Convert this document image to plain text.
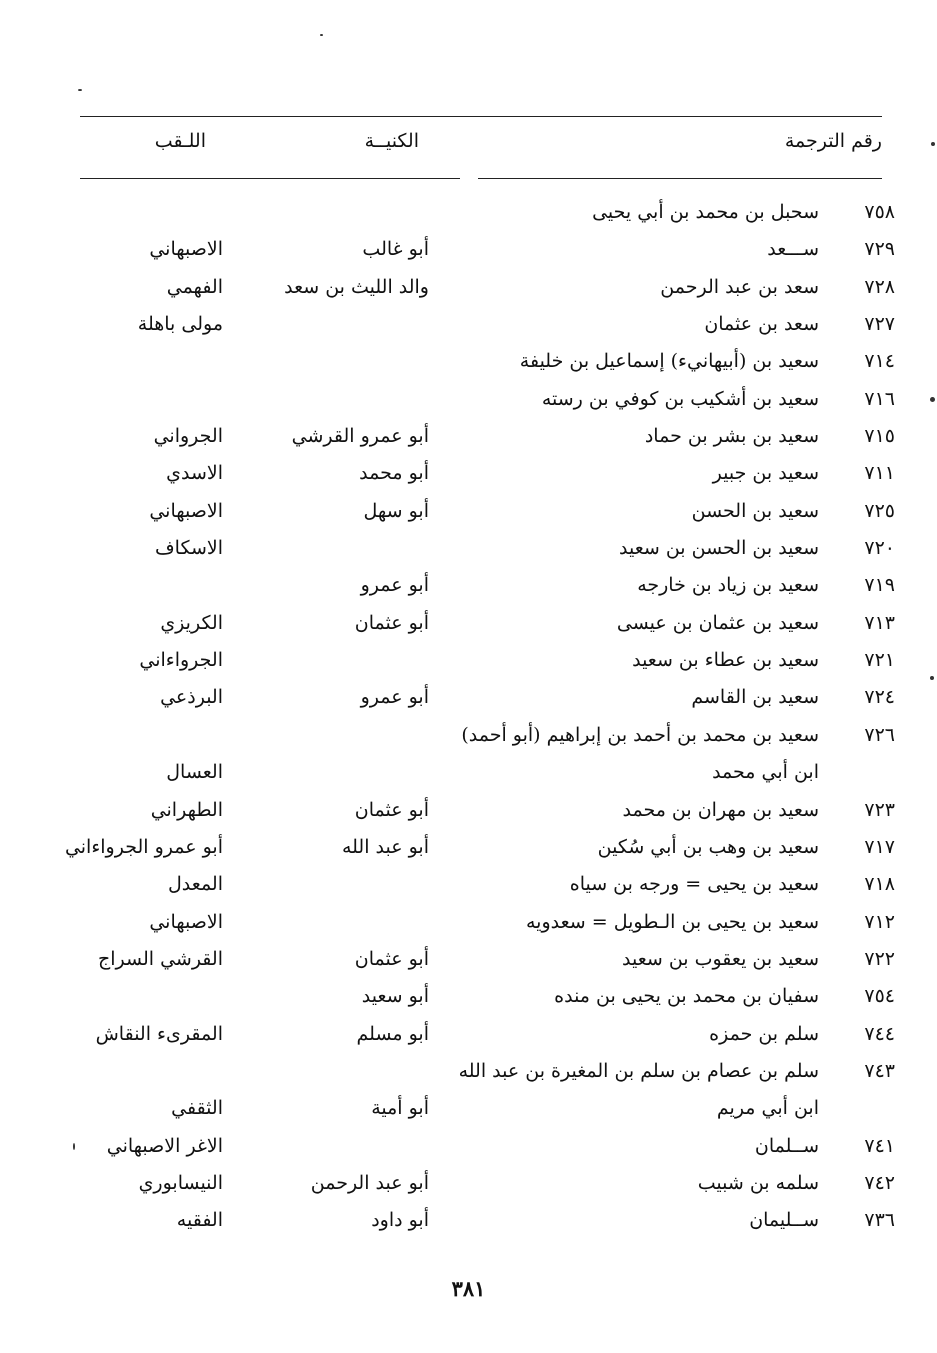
رقم الترجمة
الكنيــة
اللـقب
٧٥٨
سحبل بن محمد بن أبي يحيى
٧٢٩
ســـعد
أبو غالب
الاصبهاني
٧٢٨
سعد بن عبد الرحمن
والد الليث بن سعد
الفهمي
٧٢٧
سعد بن عثمان
مولى باهلة
٧١٤
سعيد بن (أبيهانيء) إسماعيل بن خليفة
٧١٦
سعيد بن أشكيب بن كوفي بن رسته
٧١٥
سعيد بن بشر بن حماد
أبو عمرو القرشي
الجرواني
٧١١
سعيد بن جبير
أبو محمد
الاسدي
٧٢٥
سعيد بن الحسن
أبو سهل
الاصبهاني
٧٢٠
سعيد بن الحسن بن سعيد
الاسكاف
٧١٩
سعيد بن زياد بن خارجه
أبو عمرو
٧١٣
سعيد بن عثمان بن عيسى
أبو عثمان
الكريزي
٧٢١
سعيد بن عطاء بن سعيد
الجرواءاني
٧٢٤
سعيد بن القاسم
أبو عمرو
البرذعي
٧٢٦
سعيد بن محمد بن أحمد بن إبراهيم (أبو أحمد)
ابن أبي محمد
العسال
٧٢٣
سعيد بن مهران بن محمد
أبو عثمان
الطهراني
٧١٧
سعيد بن وهب بن أبي سُكين
أبو عبد الله
أبو عمرو الجرواءاني
٧١٨
سعيد بن يحيى = ورجه بن سياه
المعدل
٧١٢
سعيد بن يحيى بن الـطويل = سعدويه
الاصبهاني
٧٢٢
سعيد بن يعقوب بن سعيد
أبو عثمان
القرشي السراج
٧٥٤
سفيان بن محمد بن يحيى بن منده
أبو سعيد
٧٤٤
سلم بن حمزه
أبو مسلم
المقرىء النقاش
٧٤٣
سلم بن عصام بن سلم بن المغيرة بن عبد الله
ابن أبي مريم
أبو أمية
الثقفي
٧٤١
ســلمان
الاغر الاصبهاني
٧٤٢
سلمه بن شبيب
أبو عبد الرحمن
النيسابوري
٧٣٦
ســليمان
أبو داود
الفقيه
٣٨١
